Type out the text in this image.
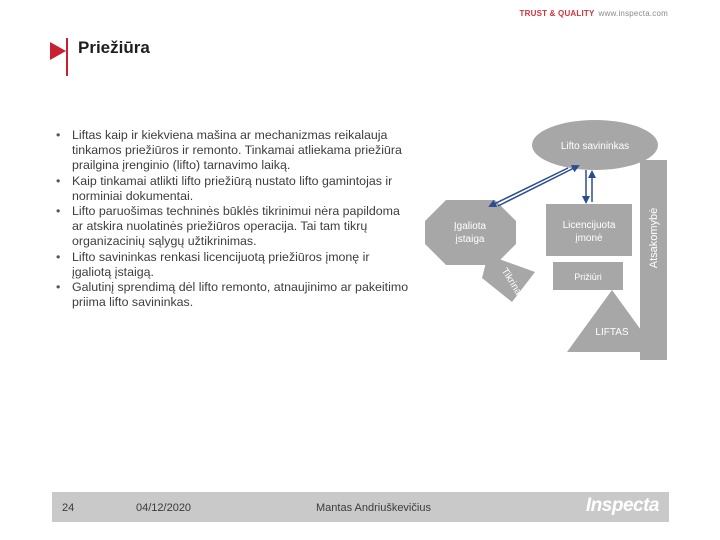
TRUST & QUALITY www.inspecta.com
Priežiūra
• Liftas kaip ir kiekviena mašina ar mechanizmas reikalauja tinkamos priežiūros ir remonto. Tinkamai atliekama priežiūra prailgina įrenginio (lifto) tarnavimo laiką.
• Kaip tinkamai atlikti lifto priežiūrą nustato lifto gamintojas ir norminiai dokumentai.
• Lifto paruošimas techninės būklės tikrinimui nėra papildoma ar atskira nuolatinės priežiūros operacija. Tai tam tikrų organizacinių sąlygų užtikrinimas.
• Lifto savininkas renkasi licencijuotą priežiūros įmonę ir įgaliotą įstaigą.
• Galutinį sprendimą dėl lifto remonto, atnaujinimo ar pakeitimo priima lifto savininkas.
Atsakomybė
Lifto savininkas
Licencijuota
įmonė
Prižiūri
LIFTAS
Įgaliota
įstaiga
Tikrina
24	04/12/2020	Mantas Andriuškevičius	Inspecta
